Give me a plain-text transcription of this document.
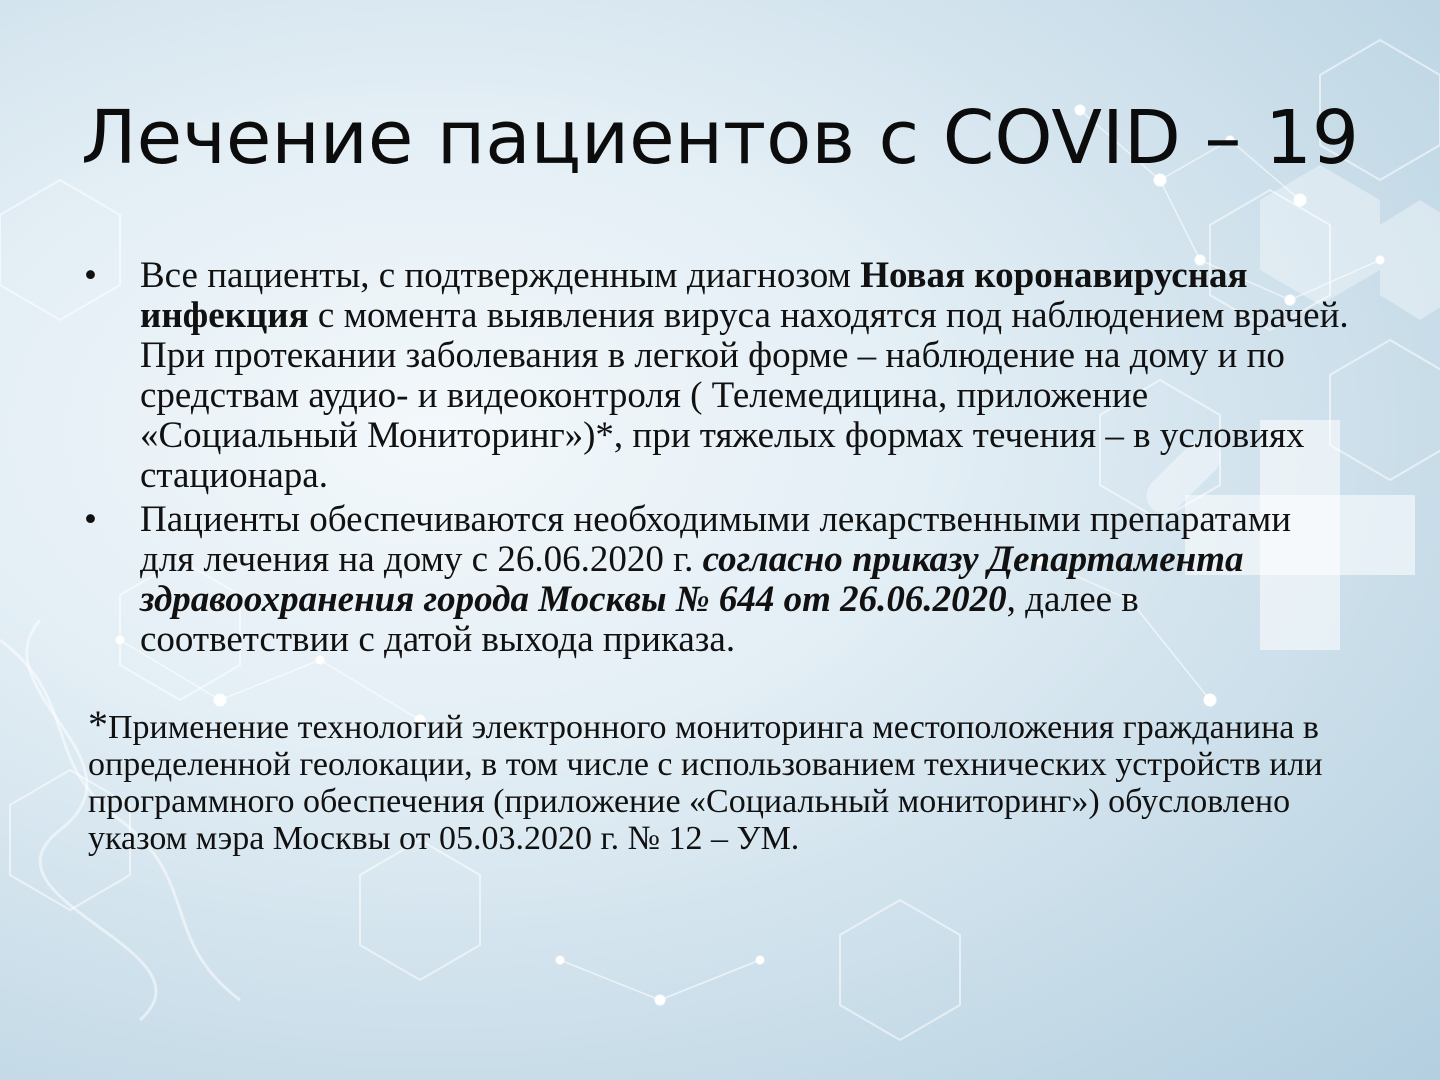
Лечение пациентов с COVID – 19
•	Все пациенты, с подтвержденным диагнозом Новая коронавирусная инфекция с момента выявления вируса находятся под наблюдением врачей. При протекании заболевания в легкой форме – наблюдение на дому и по средствам аудио- и видеоконтроля ( Телемедицина, приложение «Социальный Мониторинг»)*, при тяжелых формах течения – в условиях стационара.
•	Пациенты обеспечиваются необходимыми лекарственными препаратами для лечения на дому с 26.06.2020 г. согласно приказу Департамента здравоохранения города Москвы № 644 от 26.06.2020, далее в соответствии с датой выхода приказа.

*Применение технологий электронного мониторинга местоположения гражданина в определенной геолокации, в том числе с использованием технических устройств или программного обеспечения (приложение «Социальный мониторинг») обусловлено указом мэра Москвы от 05.03.2020 г. № 12 – УМ.
